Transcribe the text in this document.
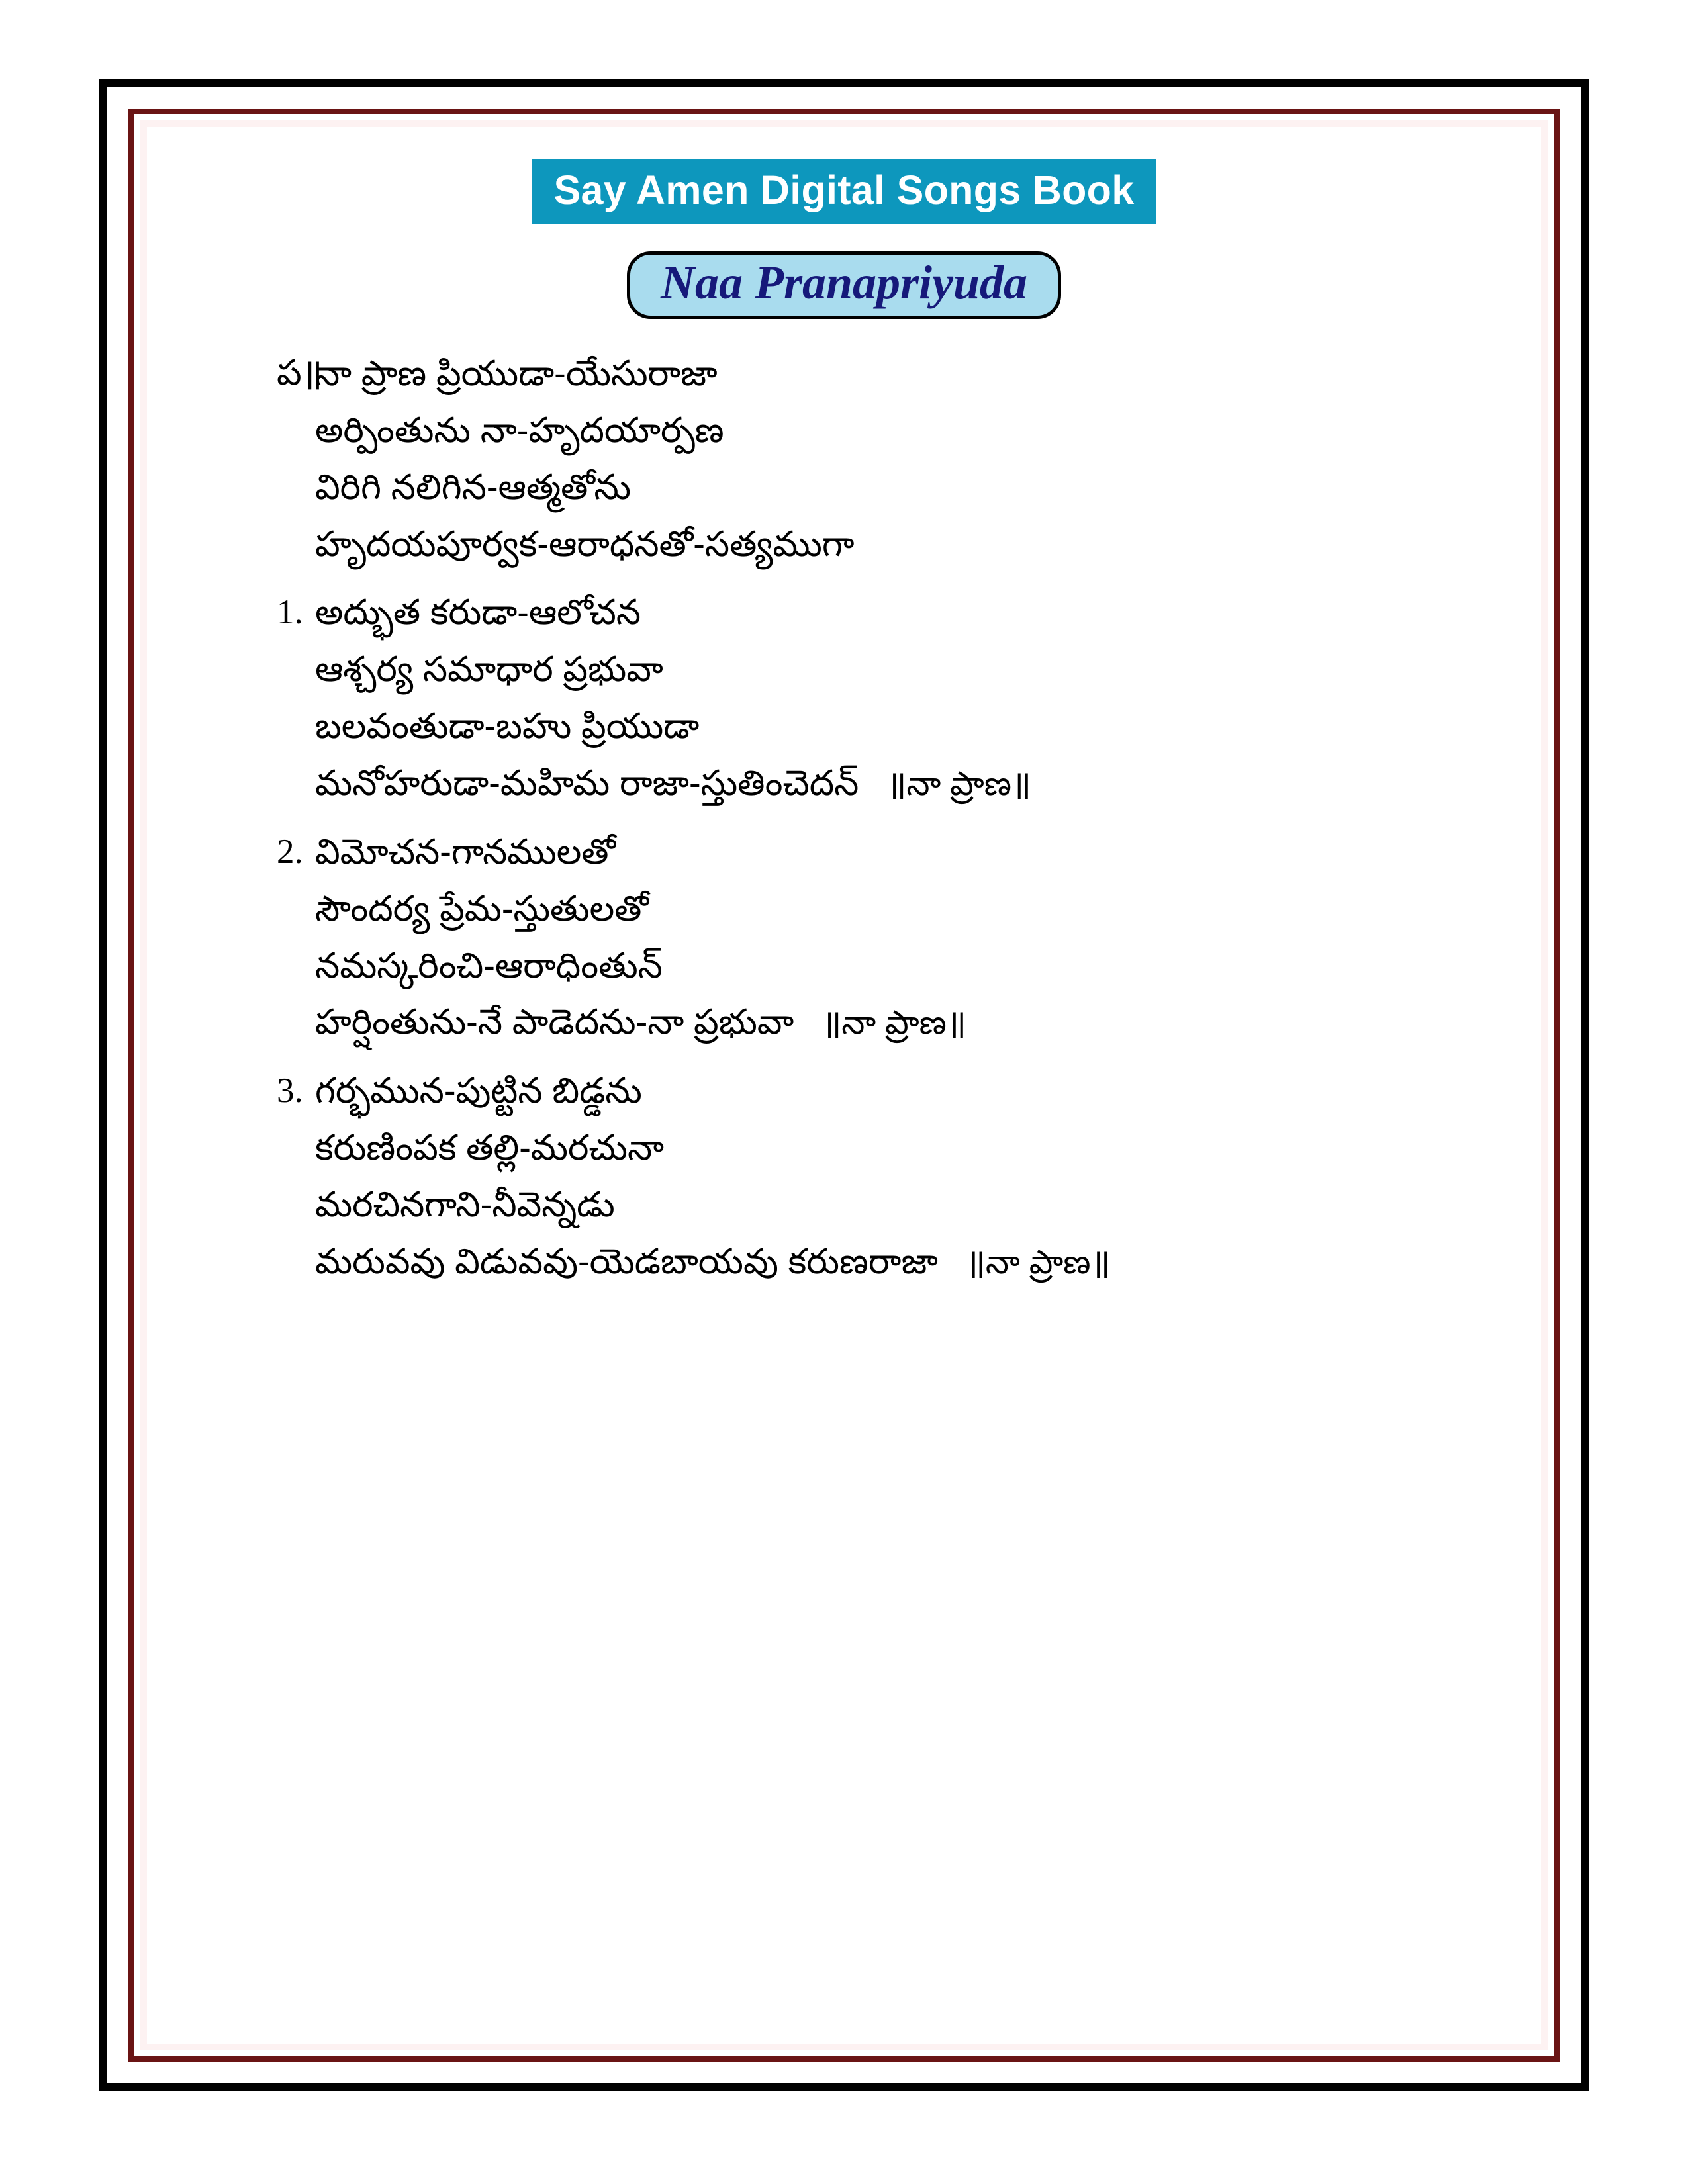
Say Amen Digital Songs Book
Naa Pranapriyuda
ప॥
నా ప్రాణ ప్రియుడా-యేసురాజా
అర్పింతును నా-హృదయార్పణ
విరిగి నలిగిన-ఆత్మతోను
హృదయపూర్వక-ఆరాధనతో-సత్యముగా
1. అద్భుత కరుడా-ఆలోచన
ఆశ్చర్య సమాధార ప్రభువా
బలవంతుడా-బహు ప్రియుడా
మనోహరుడా-మహిమ రాజా-స్తుతించెదన్ ॥నా ప్రాణ॥
2. విమోచన-గానములతో
సౌందర్య ప్రేమ-స్తుతులతో
నమస్కరించి-ఆరాధింతున్
హర్షింతును-నే పాడెదను-నా ప్రభువా ॥నా ప్రాణ॥
3. గర్భమున-పుట్టిన బిడ్డను
కరుణింపక తల్లి-మరచునా
మరచినగాని-నీవెన్నడు
మరువవు విడువవు-యెడబాయవు కరుణరాజా ॥నా ప్రాణ॥
